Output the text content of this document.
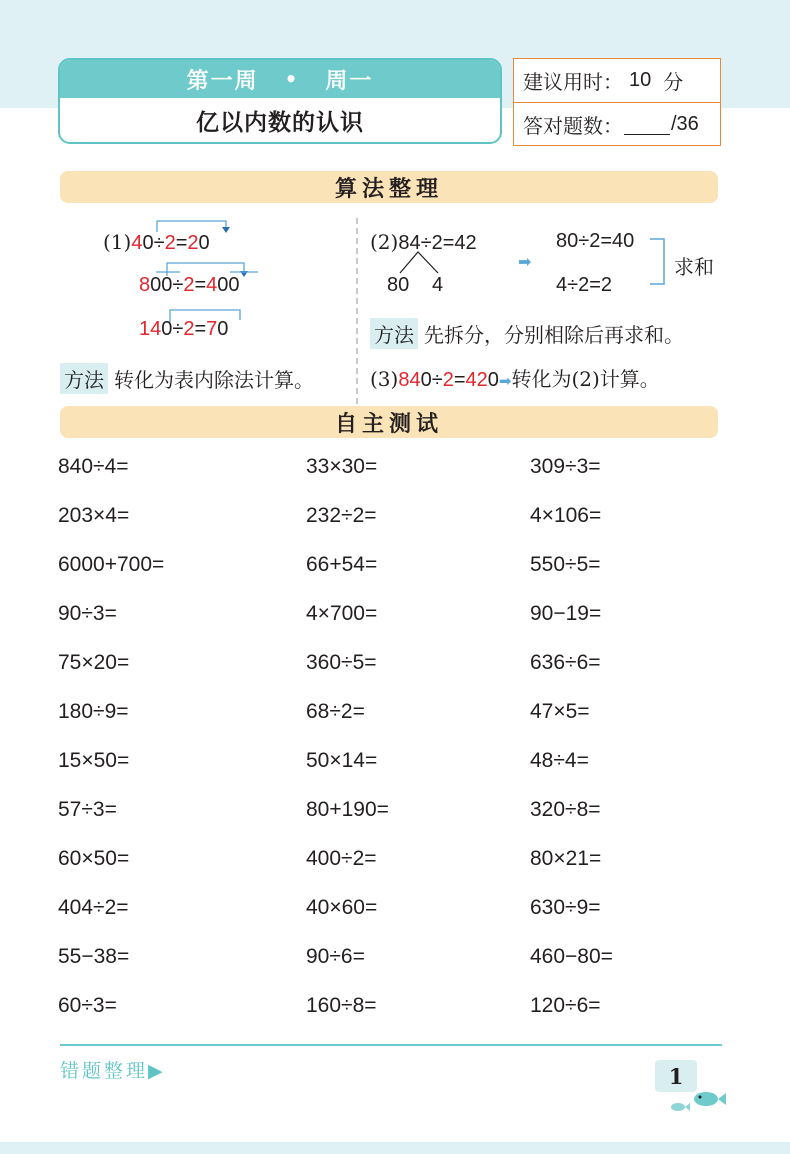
第一周 • 周一
亿以内数的认识
建议用时： 10 分
答对题数： /36
算法整理
(1)40÷2=20
800÷2=400
140÷2=70
方法 转化为表内除法计算。
(2)84÷2=42
80 4
➡
80÷2=40
4÷2=2
求和
方法 先拆分，分别相除后再求和。
(3)840÷2=420➡转化为(2)计算。
自主测试
840÷4=	33×30=	309÷3=
203×4=	232÷2=	4×106=
6000+700=	66+54=	550÷5=
90÷3=	4×700=	90−19=
75×20=	360÷5=	636÷6=
180÷9=	68÷2=	47×5=
15×50=	50×14=	48÷4=
57÷3=	80+190=	320÷8=
60×50=	400÷2=	80×21=
404÷2=	40×60=	630÷9=
55−38=	90÷6=	460−80=
60÷3=	160÷8=	120÷6=
错题整理▶	1
